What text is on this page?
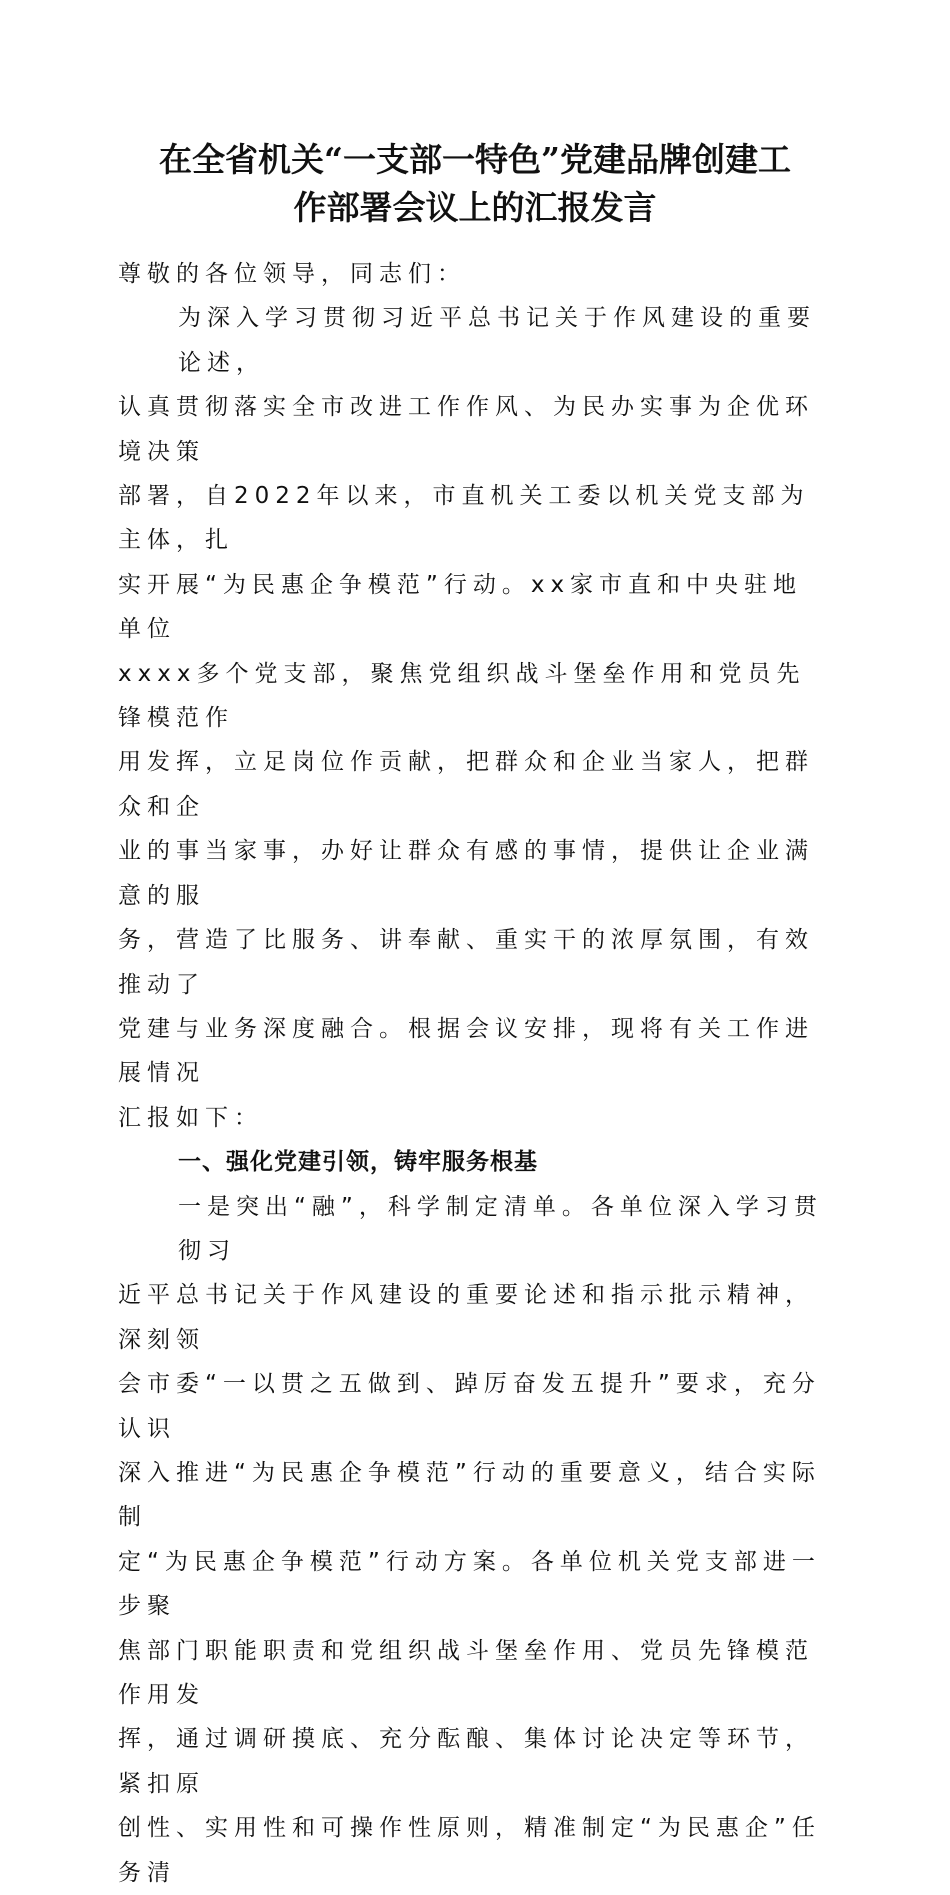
在全省机关“一支部一特色”党建品牌创建工
作部署会议上的汇报发言
尊敬的各位领导，同志们：
为深入学习贯彻习近平总书记关于作风建设的重要论述，
认真贯彻落实全市改进工作作风、为民办实事为企优环境决策
部署，自2022年以来，市直机关工委以机关党支部为主体，扎
实开展“为民惠企争模范”行动。xx家市直和中央驻地单位
xxxx多个党支部，聚焦党组织战斗堡垒作用和党员先锋模范作
用发挥，立足岗位作贡献，把群众和企业当家人，把群众和企
业的事当家事，办好让群众有感的事情，提供让企业满意的服
务，营造了比服务、讲奉献、重实干的浓厚氛围，有效推动了
党建与业务深度融合。根据会议安排，现将有关工作进展情况
汇报如下：
一、强化党建引领，铸牢服务根基
一是突出“融”，科学制定清单。各单位深入学习贯彻习
近平总书记关于作风建设的重要论述和指示批示精神，深刻领
会市委“一以贯之五做到、踔厉奋发五提升”要求，充分认识
深入推进“为民惠企争模范”行动的重要意义，结合实际制
定“为民惠企争模范”行动方案。各单位机关党支部进一步聚
焦部门职能职责和党组织战斗堡垒作用、党员先锋模范作用发
挥，通过调研摸底、充分酝酿、集体讨论决定等环节，紧扣原
创性、实用性和可操作性原则，精准制定“为民惠企”任务清
